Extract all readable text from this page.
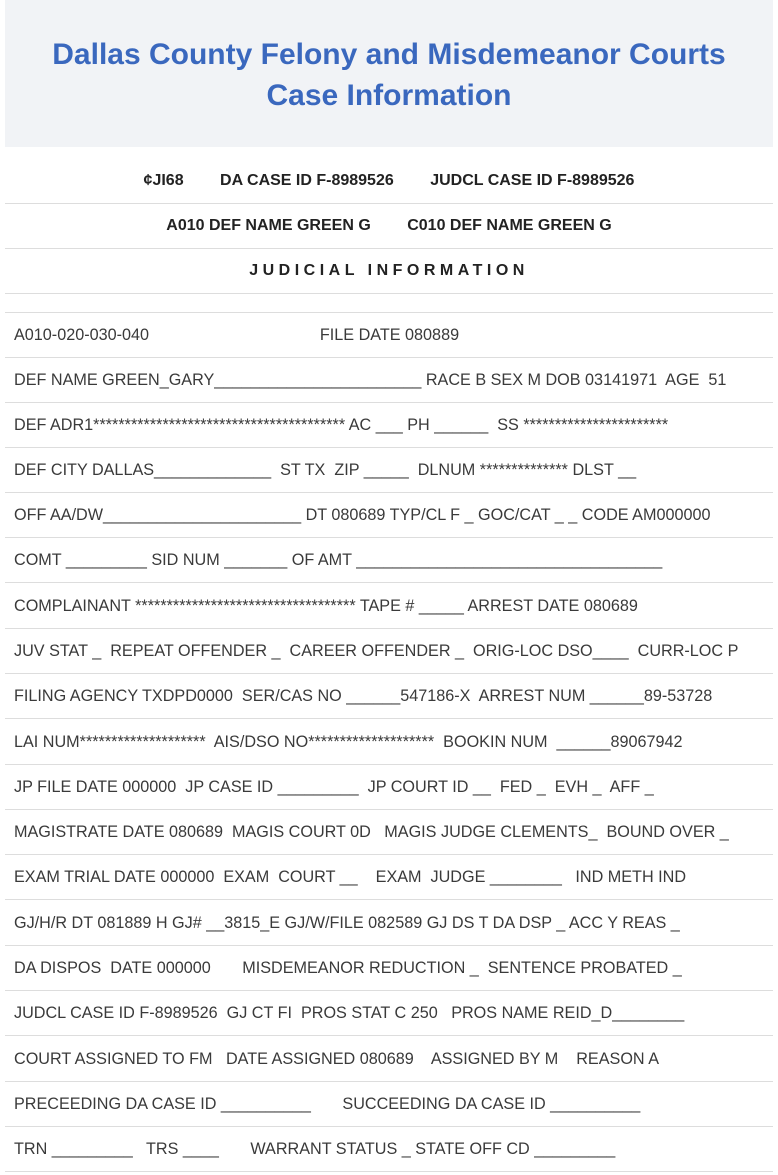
Dallas County Felony and Misdemeanor Courts
Case Information
¢JI68 DA CASE ID F-8989526 JUDCL CASE ID F-8989526
A010 DEF NAME GREEN G C010 DEF NAME GREEN G
JUDICIAL INFORMATION
A010-020-030-040                                      FILE DATE 080889
DEF NAME GREEN_GARY_______________________ RACE B SEX M DOB 03141971  AGE  51
DEF ADR1**************************************** AC ___ PH ______  SS ***********************
DEF CITY DALLAS_____________  ST TX  ZIP _____  DLNUM ************** DLST __
OFF AA/DW______________________ DT 080689 TYP/CL F _ GOC/CAT _ _ CODE AM000000
COMT _________ SID NUM _______ OF AMT __________________________________
COMPLAINANT *********************************** TAPE # _____ ARREST DATE 080689
JUV STAT _  REPEAT OFFENDER _  CAREER OFFENDER _  ORIG-LOC DSO____  CURR-LOC P
FILING AGENCY TXDPD0000  SER/CAS NO ______547186-X  ARREST NUM ______89-53728
LAI NUM********************  AIS/DSO NO********************  BOOKIN NUM  ______89067942
JP FILE DATE 000000  JP CASE ID _________  JP COURT ID __  FED _  EVH _  AFF _
MAGISTRATE DATE 080689  MAGIS COURT 0D   MAGIS JUDGE CLEMENTS_  BOUND OVER _
EXAM TRIAL DATE 000000  EXAM  COURT __    EXAM  JUDGE ________   IND METH IND
GJ/H/R DT 081889 H GJ# __3815_E GJ/W/FILE 082589 GJ DS T DA DSP _ ACC Y REAS _
DA DISPOS  DATE 000000       MISDEMEANOR REDUCTION _  SENTENCE PROBATED _
JUDCL CASE ID F-8989526  GJ CT FI  PROS STAT C 250   PROS NAME REID_D________
COURT ASSIGNED TO FM   DATE ASSIGNED 080689    ASSIGNED BY M    REASON A
PRECEEDING DA CASE ID __________       SUCCEEDING DA CASE ID __________
TRN _________   TRS ____       WARRANT STATUS _ STATE OFF CD _________
